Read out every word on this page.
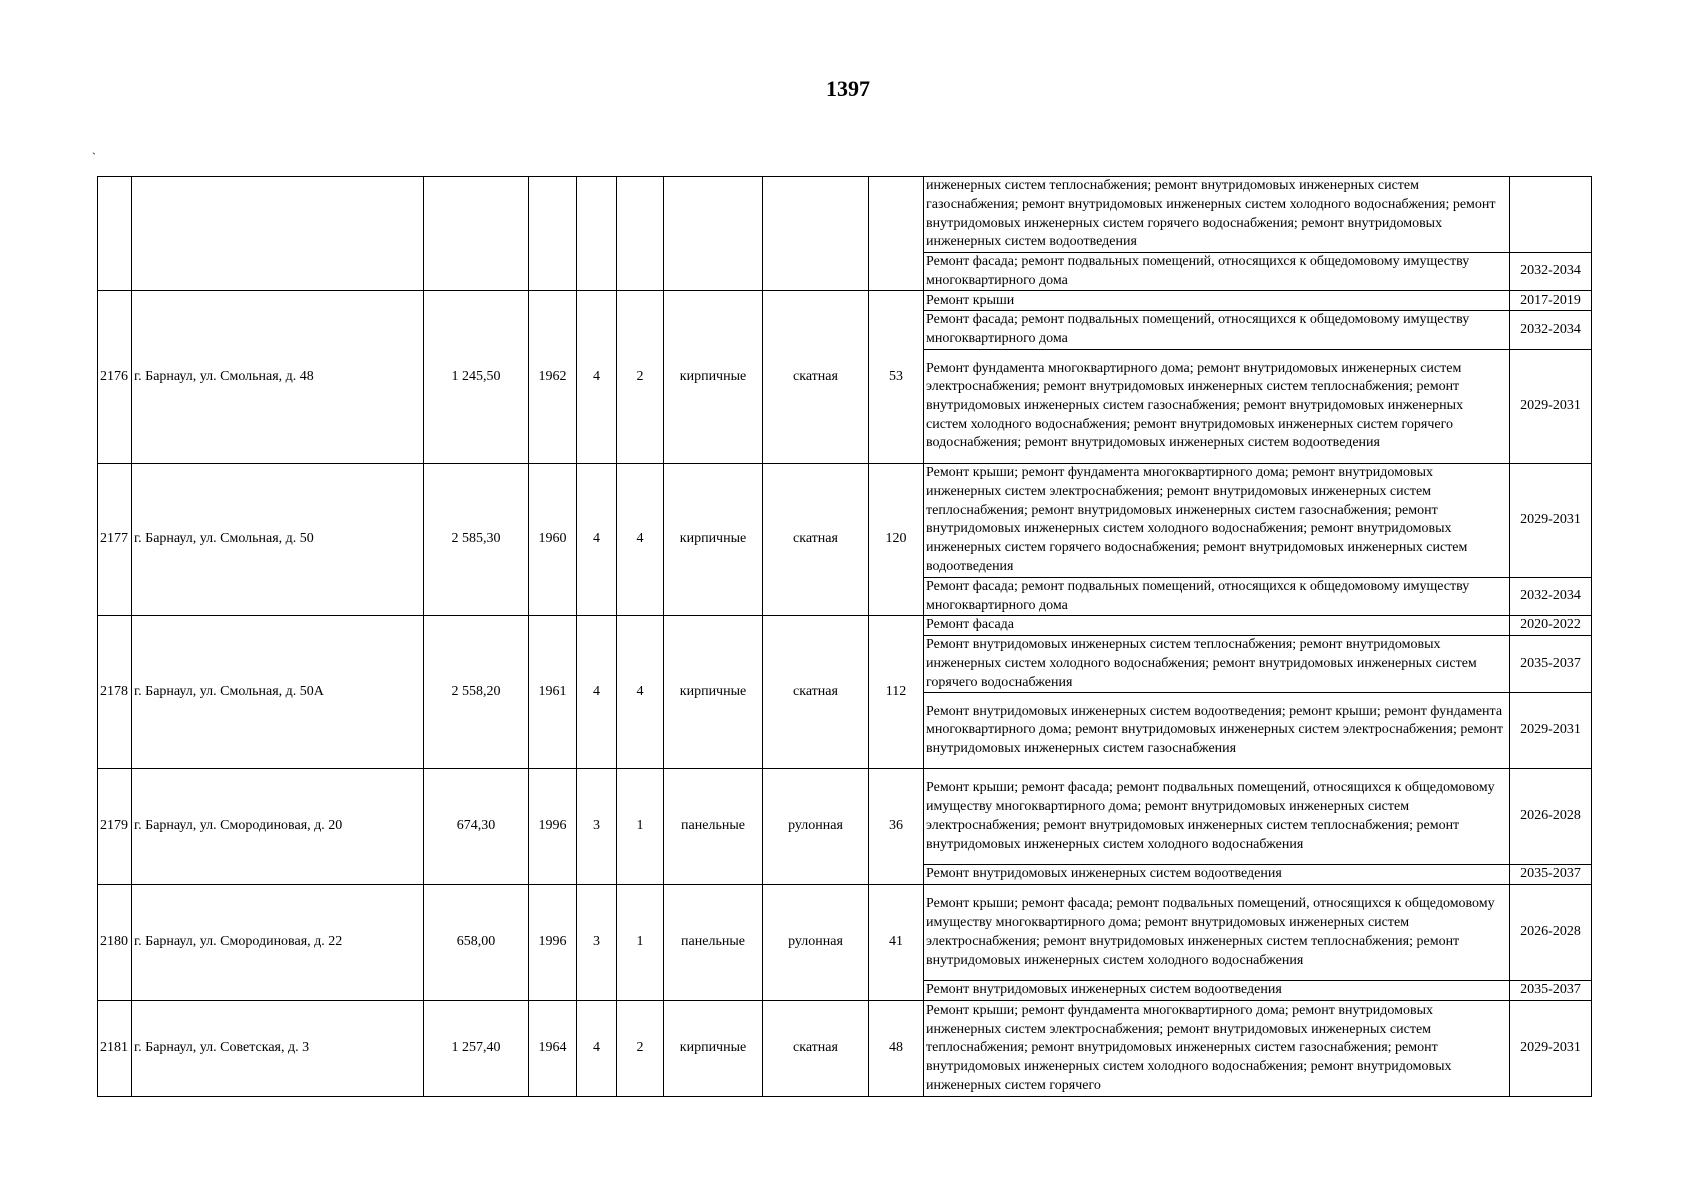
1397
`
									инженерных систем теплоснабжения; ремонт внутридомовых инженерных систем газоснабжения; ремонт внутридомовых инженерных систем холодного водоснабжения; ремонт внутридомовых инженерных систем горячего водоснабжения; ремонт внутридомовых инженерных систем водоотведения	
									Ремонт фасада; ремонт подвальных помещений, относящихся к общедомовому имуществу многоквартирного дома	2032-2034
2176	г. Барнаул, ул. Смольная, д. 48	1 245,50	1962	4	2	кирпичные	скатная	53	Ремонт крыши	2017-2019
									Ремонт фасада; ремонт подвальных помещений, относящихся к общедомовому имуществу многоквартирного дома	2032-2034
									Ремонт фундамента многоквартирного дома; ремонт внутридомовых инженерных систем электроснабжения; ремонт внутридомовых инженерных систем теплоснабжения; ремонт внутридомовых инженерных систем газоснабжения; ремонт внутридомовых инженерных систем холодного водоснабжения; ремонт внутридомовых инженерных систем горячего водоснабжения; ремонт внутридомовых инженерных систем водоотведения	2029-2031
2177	г. Барнаул, ул. Смольная, д. 50	2 585,30	1960	4	4	кирпичные	скатная	120	Ремонт крыши; ремонт фундамента многоквартирного дома; ремонт внутридомовых инженерных систем электроснабжения; ремонт внутридомовых инженерных систем теплоснабжения; ремонт внутридомовых инженерных систем газоснабжения; ремонт внутридомовых инженерных систем холодного водоснабжения; ремонт внутридомовых инженерных систем горячего водоснабжения; ремонт внутридомовых инженерных систем водоотведения	2029-2031
									Ремонт фасада; ремонт подвальных помещений, относящихся к общедомовому имуществу многоквартирного дома	2032-2034
2178	г. Барнаул, ул. Смольная, д. 50А	2 558,20	1961	4	4	кирпичные	скатная	112	Ремонт фасада	2020-2022
									Ремонт внутридомовых инженерных систем теплоснабжения; ремонт внутридомовых инженерных систем холодного водоснабжения; ремонт внутридомовых инженерных систем горячего водоснабжения	2035-2037
									Ремонт внутридомовых инженерных систем водоотведения; ремонт крыши; ремонт фундамента многоквартирного дома; ремонт внутридомовых инженерных систем электроснабжения; ремонт внутридомовых инженерных систем газоснабжения	2029-2031
2179	г. Барнаул, ул. Смородиновая, д. 20	674,30	1996	3	1	панельные	рулонная	36	Ремонт крыши; ремонт фасада; ремонт подвальных помещений, относящихся к общедомовому имуществу многоквартирного дома; ремонт внутридомовых инженерных систем электроснабжения; ремонт внутридомовых инженерных систем теплоснабжения; ремонт внутридомовых инженерных систем холодного водоснабжения	2026-2028
									Ремонт внутридомовых инженерных систем водоотведения	2035-2037
2180	г. Барнаул, ул. Смородиновая, д. 22	658,00	1996	3	1	панельные	рулонная	41	Ремонт крыши; ремонт фасада; ремонт подвальных помещений, относящихся к общедомовому имуществу многоквартирного дома; ремонт внутридомовых инженерных систем электроснабжения; ремонт внутридомовых инженерных систем теплоснабжения; ремонт внутридомовых инженерных систем холодного водоснабжения	2026-2028
									Ремонт внутридомовых инженерных систем водоотведения	2035-2037
2181	г. Барнаул, ул. Советская, д. 3	1 257,40	1964	4	2	кирпичные	скатная	48	Ремонт крыши; ремонт фундамента многоквартирного дома; ремонт внутридомовых инженерных систем электроснабжения; ремонт внутридомовых инженерных систем теплоснабжения; ремонт внутридомовых инженерных систем газоснабжения; ремонт внутридомовых инженерных систем холодного водоснабжения; ремонт внутридомовых инженерных систем горячего	2029-2031
